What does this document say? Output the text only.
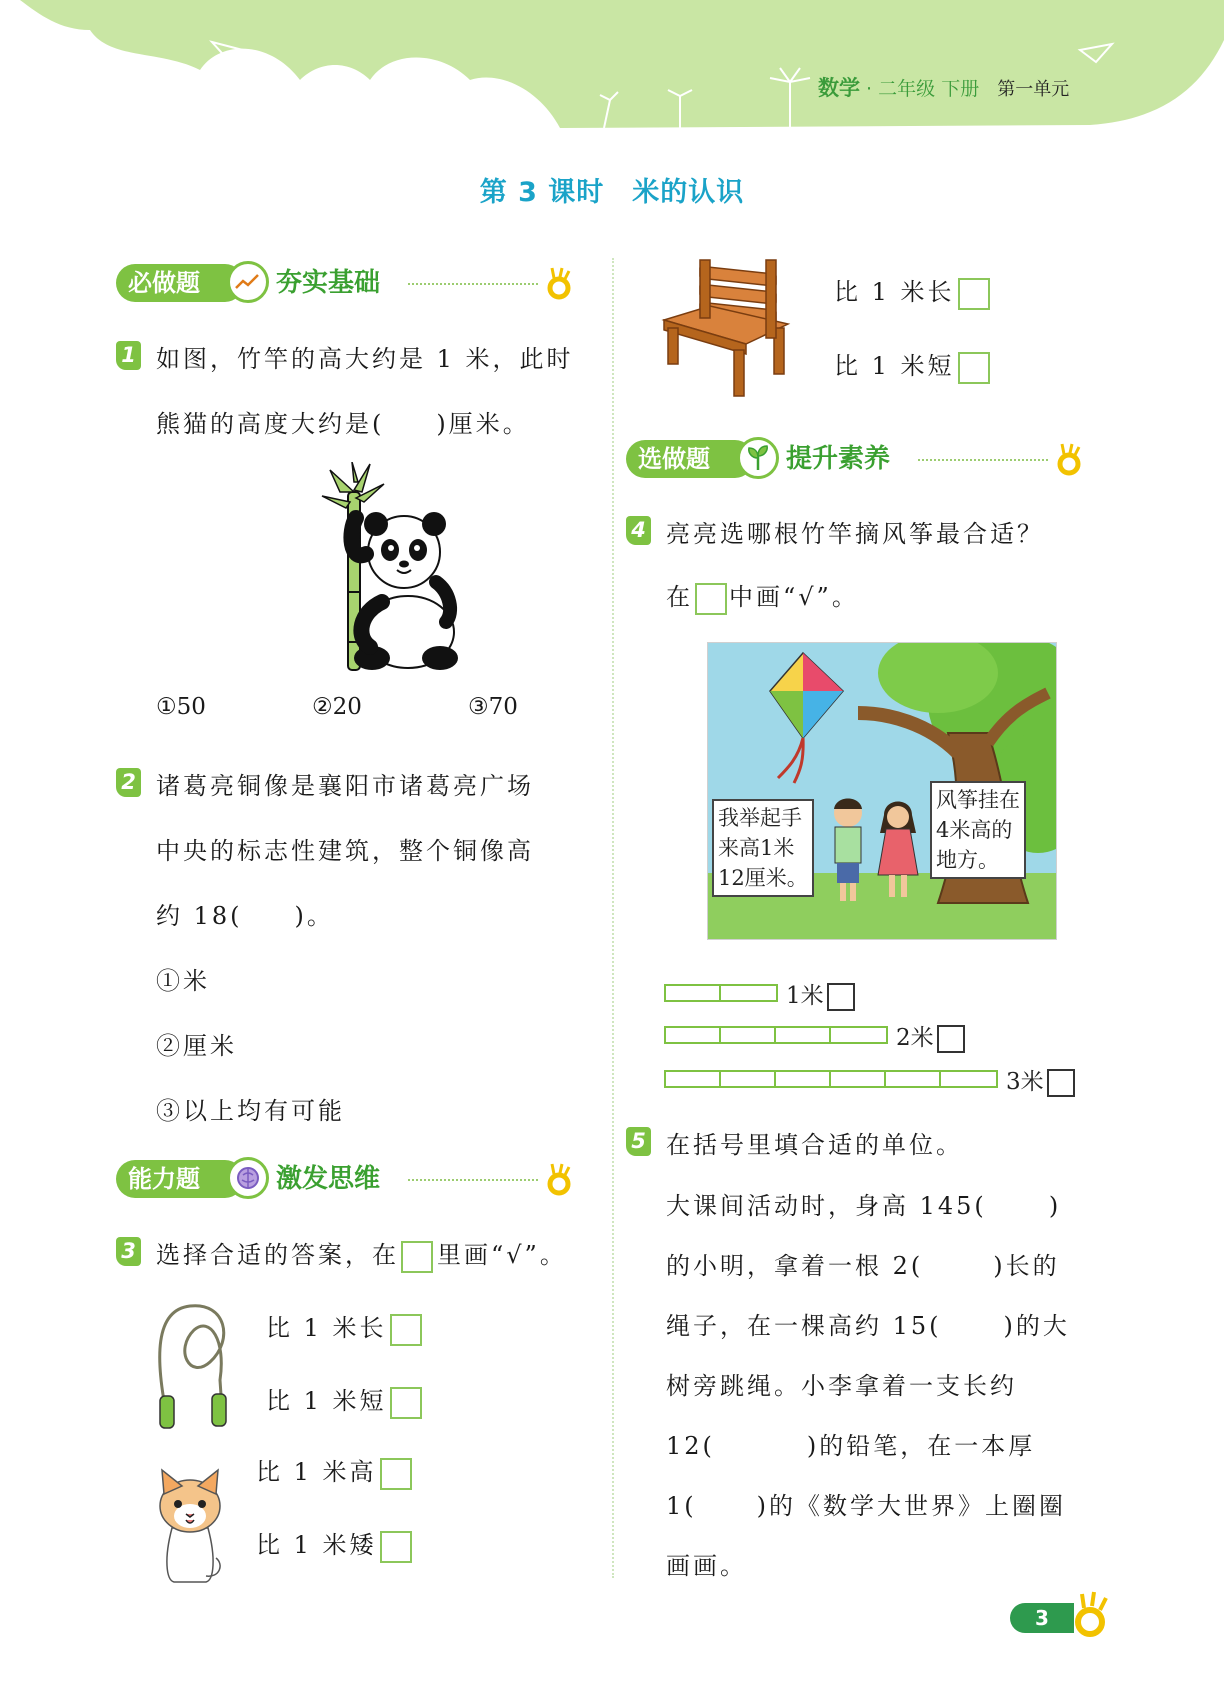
数学 · 二年级 下册 第一单元
第 3 课时 米的认识
必做题	夯实基础
1 如图，竹竿的高大约是 1 米，此时
熊猫的高度大约是( )厘米。
①50	②20	③70
2 诸葛亮铜像是襄阳市诸葛亮广场
中央的标志性建筑，整个铜像高
约 18( )。
①米
②厘米
③以上均有可能
能力题	激发思维
3 选择合适的答案，在 里画“√”。
比 1 米长
比 1 米短
比 1 米高
比 1 米矮
比 1 米长
比 1 米短
选做题	提升素养
4 亮亮选哪根竹竿摘风筝最合适？
在 中画“√”。
我举起手
来高1米
12厘米。
风筝挂在
4米高的
地方。
1米
2米
3米
5 在括号里填合适的单位。
大课间活动时，身高 145(	)
的小明，拿着一根 2(	)长的
绳子，在一棵高约 15(	)的大
树旁跳绳。小李拿着一支长约
12(	)的铅笔，在一本厚
1(	)的《数学大世界》上圈圈
画画。
3
